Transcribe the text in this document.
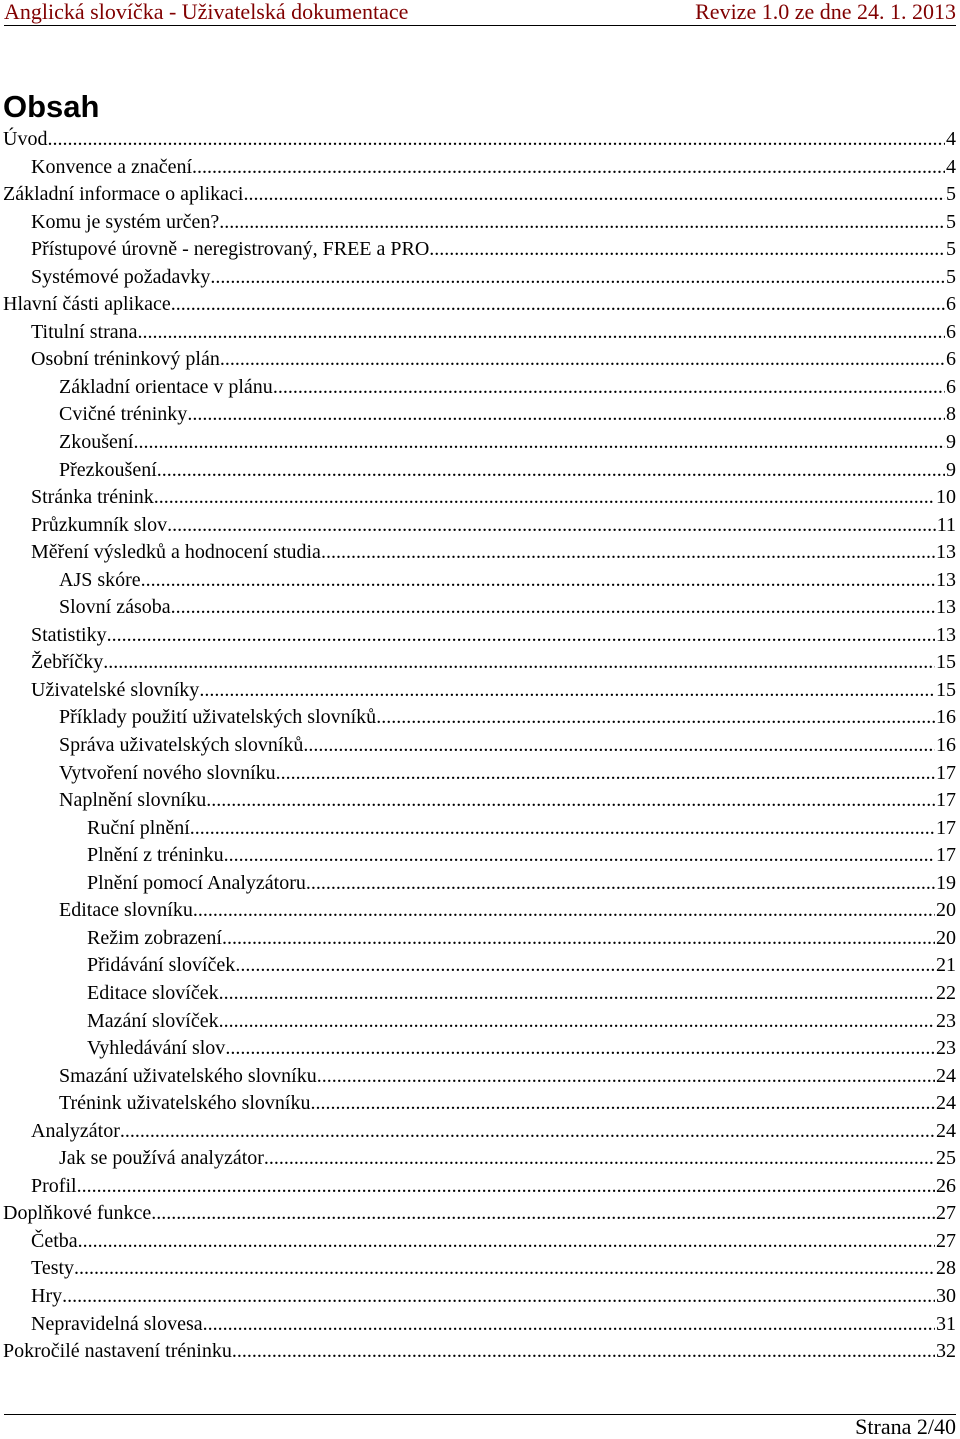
Anglická slovíčka - Uživatelská dokumentace	Revize 1.0 ze dne 24. 1. 2013
Obsah
Úvod .....	4
Konvence a značení .....	4
Základní informace o aplikaci .....	5
Komu je systém určen? .....	5
Přístupové úrovně - neregistrovaný, FREE a PRO .....	5
Systémové požadavky .....	5
Hlavní části aplikace .....	6
Titulní strana .....	6
Osobní tréninkový plán .....	6
Základní orientace v plánu .....	6
Cvičné tréninky .....	8
Zkoušení .....	9
Přezkoušení .....	9
Stránka trénink .....	10
Průzkumník slov .....	11
Měření výsledků a hodnocení studia .....	13
AJS skóre .....	13
Slovní zásoba .....	13
Statistiky .....	13
Žebříčky .....	15
Uživatelské slovníky .....	15
Příklady použití uživatelských slovníků .....	16
Správa uživatelských slovníků .....	16
Vytvoření nového slovníku .....	17
Naplnění slovníku .....	17
Ruční plnění .....	17
Plnění z tréninku .....	17
Plnění pomocí Analyzátoru .....	19
Editace slovníku .....	20
Režim zobrazení .....	20
Přidávání slovíček .....	21
Editace slovíček .....	22
Mazání slovíček .....	23
Vyhledávání slov .....	23
Smazání uživatelského slovníku .....	24
Trénink uživatelského slovníku .....	24
Analyzátor .....	24
Jak se používá analyzátor .....	25
Profil .....	26
Doplňkové funkce .....	27
Četba .....	27
Testy .....	28
Hry .....	30
Nepravidelná slovesa .....	31
Pokročilé nastavení tréninku .....	32
Strana 2/40
